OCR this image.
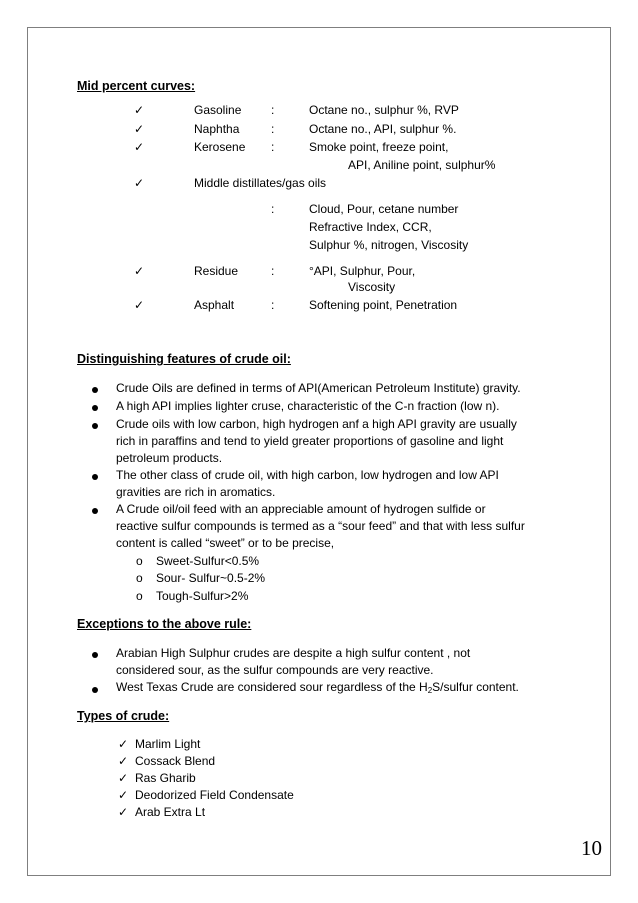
Mid percent curves:
✓	Gasoline :	Octane no., sulphur %, RVP
✓	Naphtha	:	Octane no., API, sulphur %.
✓	Kerosene :	Smoke point, freeze point,
API, Aniline point, sulphur%
✓	Middle distillates/gas oils
:	Cloud, Pour, cetane number
Refractive Index, CCR,
Sulphur %, nitrogen, Viscosity
✓	Residue	:	°API, Sulphur, Pour,
Viscosity
✓	Asphalt	:	Softening point, Penetration
Distinguishing features of crude oil:
Crude Oils are defined in terms of API(American Petroleum Institute) gravity.
A high API implies lighter cruse, characteristic of the C-n fraction (low n).
Crude oils with low carbon, high hydrogen anf a high API gravity are usually
rich in paraffins and tend to yield greater proportions of gasoline and light
petroleum products.
The other class of crude oil, with high carbon, low hydrogen and low API
gravities are rich in aromatics.
A Crude oil/oil feed with an appreciable amount of hydrogen sulfide or
reactive sulfur compounds is termed as a “sour feed” and that with less sulfur
content is called “sweet” or to be precise,
o Sweet-Sulfur<0.5%
o Sour- Sulfur~0.5-2%
o Tough-Sulfur>2%
Exceptions to the above rule:
Arabian High Sulphur crudes are despite a high sulfur content , not
considered sour, as the sulfur compounds are very reactive.
West Texas Crude are considered sour regardless of the $H_2S$/sulfur content.
Types of crude:
✓ Marlim Light
✓ Cossack Blend
✓ Ras Gharib
✓ Deodorized Field Condensate
✓ Arab Extra Lt
10
